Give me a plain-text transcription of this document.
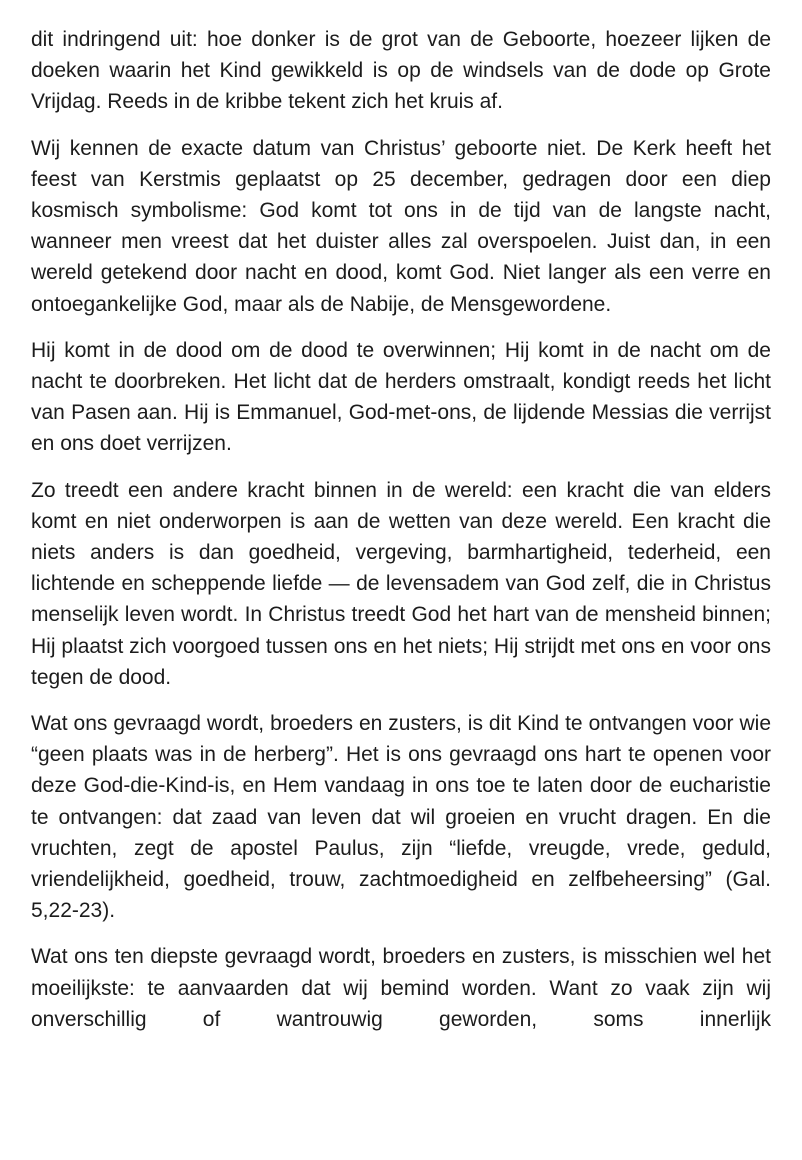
dit indringend uit: hoe donker is de grot van de Geboorte, hoezeer lijken de doeken waarin het Kind gewikkeld is op de windsels van de dode op Grote Vrijdag. Reeds in de kribbe tekent zich het kruis af.

Wij kennen de exacte datum van Christus’ geboorte niet. De Kerk heeft het feest van Kerstmis geplaatst op 25 december, gedragen door een diep kosmisch symbolisme: God komt tot ons in de tijd van de langste nacht, wanneer men vreest dat het duister alles zal overspoelen. Juist dan, in een wereld getekend door nacht en dood, komt God. Niet langer als een verre en ontoegankelijke God, maar als de Nabije, de Mensgewordene.

Hij komt in de dood om de dood te overwinnen; Hij komt in de nacht om de nacht te doorbreken. Het licht dat de herders omstraalt, kondigt reeds het licht van Pasen aan. Hij is Emmanuel, God-met-ons, de lijdende Messias die verrijst en ons doet verrijzen.

Zo treedt een andere kracht binnen in de wereld: een kracht die van elders komt en niet onderworpen is aan de wetten van deze wereld. Een kracht die niets anders is dan goedheid, vergeving, barmhartigheid, tederheid, een lichtende en scheppende liefde — de levensadem van God zelf, die in Christus menselijk leven wordt. In Christus treedt God het hart van de mensheid binnen; Hij plaatst zich voorgoed tussen ons en het niets; Hij strijdt met ons en voor ons tegen de dood.

Wat ons gevraagd wordt, broeders en zusters, is dit Kind te ontvangen voor wie “geen plaats was in de herberg”. Het is ons gevraagd ons hart te openen voor deze God-die-Kind-is, en Hem vandaag in ons toe te laten door de eucharistie te ontvangen: dat zaad van leven dat wil groeien en vrucht dragen. En die vruchten, zegt de apostel Paulus, zijn “liefde, vreugde, vrede, geduld, vriendelijkheid, goedheid, trouw, zachtmoedigheid en zelfbeheersing” (Gal. 5,22-23).

Wat ons ten diepste gevraagd wordt, broeders en zusters, is misschien wel het moeilijkste: te aanvaarden dat wij bemind worden. Want zo vaak zijn wij onverschillig of wantrouwig geworden, soms innerlijk
